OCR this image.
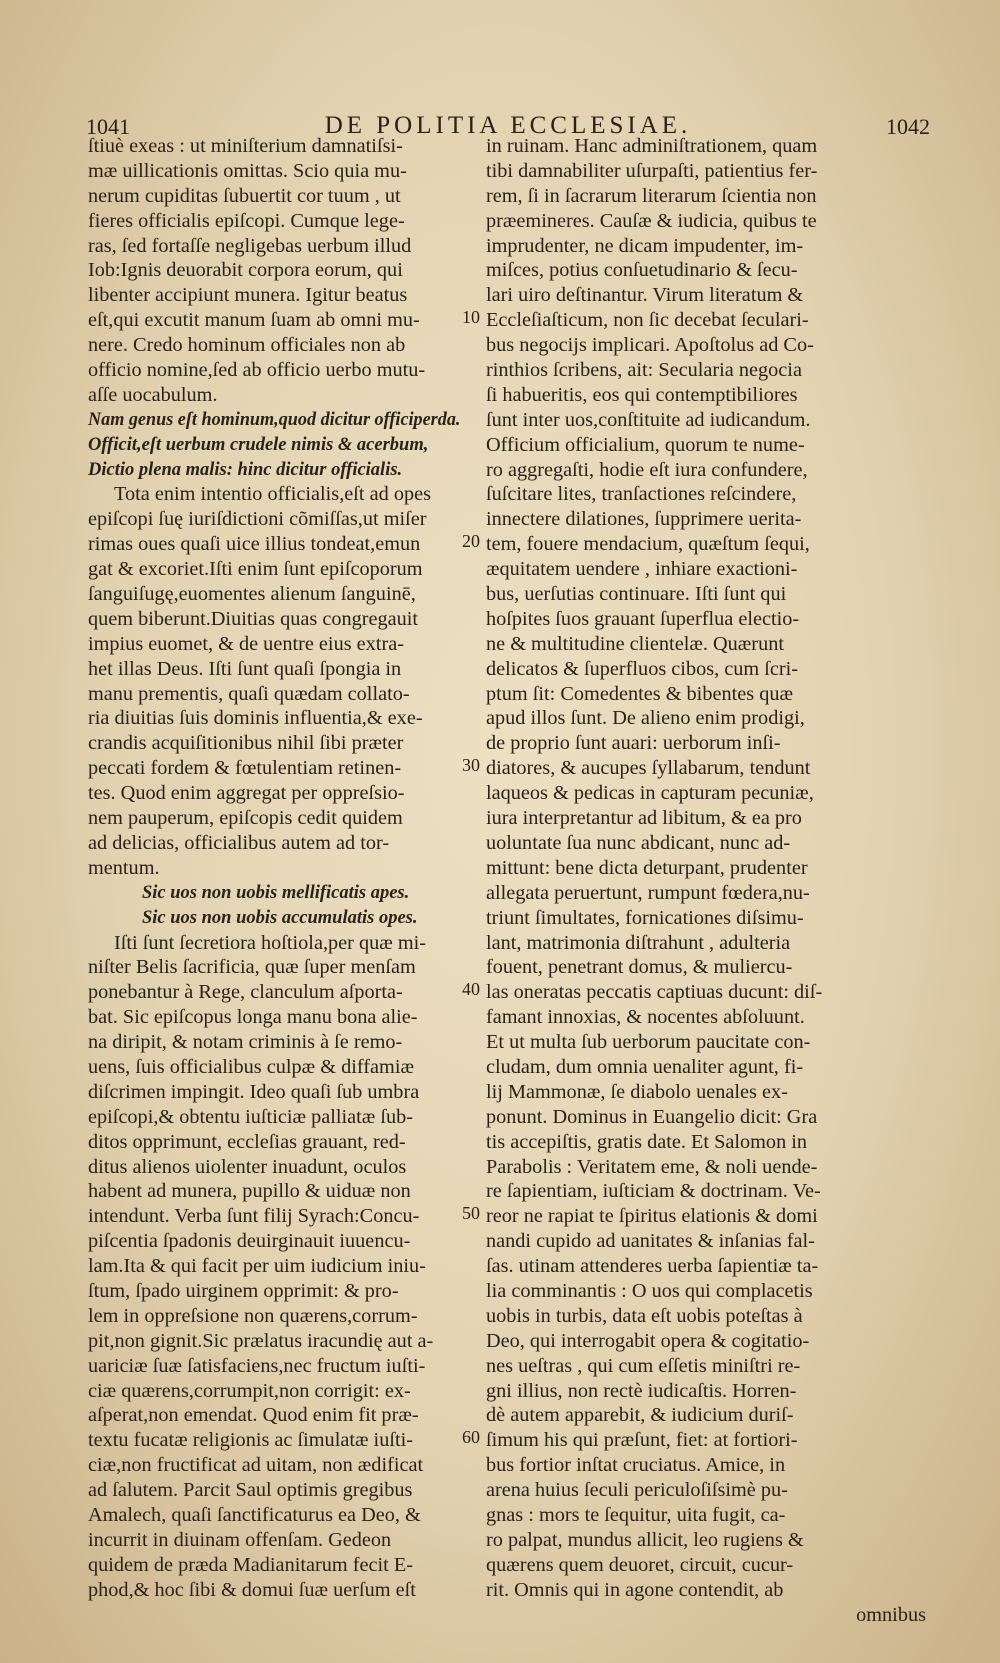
1041	DE POLITIA ECCLESIAE.	1042
ſtiuè exeas : ut miniſterium damnatiſsi-
mæ uillicationis omittas. Scio quia mu-
nerum cupiditas ſubuertit cor tuum , ut
fieres officialis epiſcopi. Cumque lege-
ras, ſed fortaſſe negligebas uerbum illud
Iob:Ignis deuorabit corpora eorum, qui
libenter accipiunt munera. Igitur beatus
eſt,qui excutit manum ſuam ab omni mu-
nere. Credo hominum officiales non ab
officio nomine,ſed ab officio uerbo mutu-
aſſe uocabulum.
Nam genus eſt hominum,quod dicitur officiperda.
Officit,eſt uerbum crudele nimis & acerbum,
Dictio plena malis: hinc dicitur officialis.
Tota enim intentio officialis,eſt ad opes
epiſcopi ſuę iuriſdictioni cõmiſſas,ut miſer
rimas oues quaſi uice illius tondeat,emun
gat & excoriet.Iſti enim ſunt epiſcoporum
ſanguiſugę,euomentes alienum ſanguinē,
quem biberunt.Diuitias quas congregauit
impius euomet, & de uentre eius extra-
het illas Deus. Iſti ſunt quaſi ſpongia in
manu prementis, quaſi quædam collato-
ria diuitias ſuis dominis influentia,& exe-
crandis acquiſitionibus nihil ſibi præter
peccati fordem & fœtulentiam retinen-
tes. Quod enim aggregat per oppreſsio-
nem pauperum, epiſcopis cedit quidem
ad delicias, officialibus autem ad tor-
mentum.
Sic uos non uobis mellificatis apes.
Sic uos non uobis accumulatis opes.
Iſti ſunt ſecretiora hoſtiola,per quæ mi-
niſter Belis ſacrificia, quæ ſuper menſam
ponebantur à Rege, clanculum aſporta-
bat. Sic epiſcopus longa manu bona alie-
na diripit, & notam criminis à ſe remo-
uens, ſuis officialibus culpæ & diffamiæ
diſcrimen impingit. Ideo quaſi ſub umbra
epiſcopi,& obtentu iuſticiæ palliatæ ſub-
ditos opprimunt, eccleſias grauant, red-
ditus alienos uiolenter inuadunt, oculos
habent ad munera, pupillo & uiduæ non
intendunt. Verba ſunt filij Syrach:Concu-
piſcentia ſpadonis deuirginauit iuuencu-
lam.Ita & qui facit per uim iudicium iniu-
ſtum, ſpado uirginem opprimit: & pro-
lem in oppreſsione non quærens,corrum-
pit,non gignit.Sic prælatus iracundię aut a-
uariciæ ſuæ ſatisfaciens,nec fructum iuſti-
ciæ quærens,corrumpit,non corrigit: ex-
aſperat,non emendat. Quod enim fit præ-
textu fucatæ religionis ac ſimulatæ iuſti-
ciæ,non fructificat ad uitam, non ædificat
ad ſalutem. Parcit Saul optimis gregibus
Amalech, quaſi ſanctificaturus ea Deo, &
incurrit in diuinam offenſam. Gedeon
quidem de præda Madianitarum fecit E-
phod,& hoc ſibi & domui ſuæ uerſum eſt
in ruinam. Hanc adminiſtrationem, quam
tibi damnabiliter uſurpaſti, patientius fer-
rem, ſi in ſacrarum literarum ſcientia non
præemineres. Cauſæ & iudicia, quibus te
imprudenter, ne dicam impudenter, im-
miſces, potius conſuetudinario & ſecu-
lari uiro deſtinantur. Virum literatum &
Eccleſiaſticum, non ſic decebat ſeculari-
bus negocijs implicari. Apoſtolus ad Co-
rinthios ſcribens, ait: Secularia negocia
ſi habueritis, eos qui contemptibiliores
ſunt inter uos,conſtituite ad iudicandum.
Officium officialium, quorum te nume-
ro aggregaſti, hodie eſt iura confundere,
ſuſcitare lites, tranſactiones reſcindere,
innectere dilationes, ſupprimere uerita-
tem, fouere mendacium, quæſtum ſequi,
æquitatem uendere , inhiare exactioni-
bus, uerſutias continuare. Iſti ſunt qui
hoſpites ſuos grauant ſuperflua electio-
ne & multitudine clientelæ. Quærunt
delicatos & ſuperfluos cibos, cum ſcri-
ptum ſit: Comedentes & bibentes quæ
apud illos ſunt. De alieno enim prodigi,
de proprio ſunt auari: uerborum inſi-
diatores, & aucupes ſyllabarum, tendunt
laqueos & pedicas in capturam pecuniæ,
iura interpretantur ad libitum, & ea pro
uoluntate ſua nunc abdicant, nunc ad-
mittunt: bene dicta deturpant, prudenter
allegata peruertunt, rumpunt fœdera,nu-
triunt ſimultates, fornicationes diſsimu-
lant, matrimonia diſtrahunt , adulteria
fouent, penetrant domus, & muliercu-
las oneratas peccatis captiuas ducunt: diſ-
famant innoxias, & nocentes abſoluunt.
Et ut multa ſub uerborum paucitate con-
cludam, dum omnia uenaliter agunt, fi-
lij Mammonæ, ſe diabolo uenales ex-
ponunt. Dominus in Euangelio dicit: Gra
tis accepiſtis, gratis date. Et Salomon in
Parabolis : Veritatem eme, & noli uende-
re ſapientiam, iuſticiam & doctrinam. Ve-
reor ne rapiat te ſpiritus elationis & domi
nandi cupido ad uanitates & inſanias fal-
ſas. utinam attenderes uerba ſapientiæ ta-
lia comminantis : O uos qui complacetis
uobis in turbis, data eſt uobis poteſtas à
Deo, qui interrogabit opera & cogitatio-
nes ueſtras , qui cum eſſetis miniſtri re-
gni illius, non rectè iudicaſtis. Horren-
dè autem apparebit, & iudicium duriſ-
ſimum his qui præſunt, fiet: at fortiori-
bus fortior inſtat cruciatus. Amice, in
arena huius ſeculi periculoſiſsimè pu-
gnas : mors te ſequitur, uita fugit, ca-
ro palpat, mundus allicit, leo rugiens &
quærens quem deuoret, circuit, cucur-
rit. Omnis qui in agone contendit, ab
omnibus
10
20
30
40
50
60
